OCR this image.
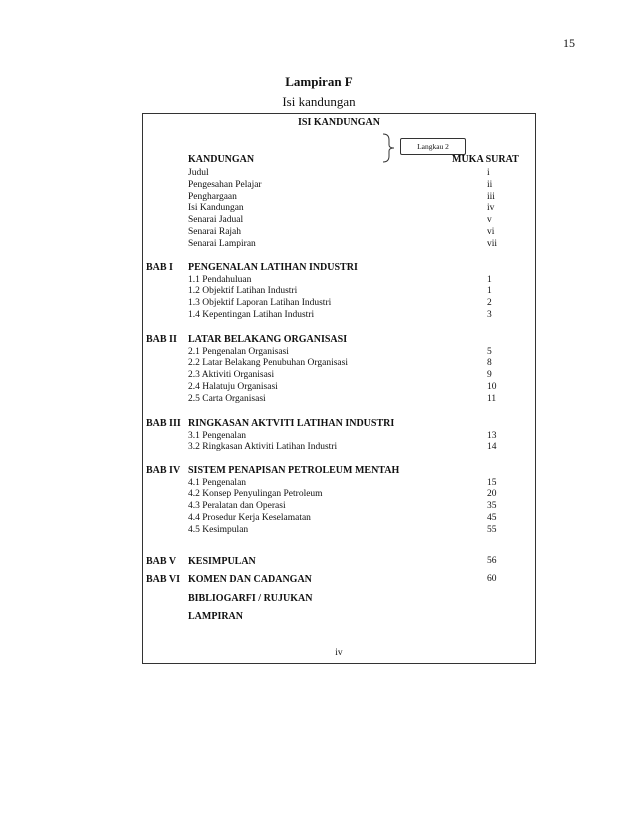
15
Lampiran F
Isi kandungan
ISI KANDUNGAN
Langkau 2
KANDUNGAN	MUKA SURAT
Judul	i
Pengesahan Pelajar	ii
Penghargaan	iii
Isi Kandungan	iv
Senarai Jadual	v
Senarai Rajah	vi
Senarai Lampiran	vii
BAB I PENGENALAN LATIHAN INDUSTRI
1.1 Pendahuluan	1
1.2 Objektif Latihan Industri	1
1.3 Objektif Laporan Latihan Industri	2
1.4 Kepentingan Latihan Industri	3
BAB II LATAR BELAKANG ORGANISASI
2.1 Pengenalan Organisasi	5
2.2 Latar Belakang Penubuhan Organisasi	8
2.3 Aktiviti Organisasi	9
2.4 Halatuju Organisasi	10
2.5 Carta Organisasi	11
BAB III RINGKASAN AKTVITI LATIHAN INDUSTRI
3.1 Pengenalan	13
3.2 Ringkasan Aktiviti Latihan Industri	14
BAB IV SISTEM PENAPISAN PETROLEUM MENTAH
4.1 Pengenalan	15
4.2 Konsep Penyulingan Petroleum	20
4.3 Peralatan dan Operasi	35
4.4 Prosedur Kerja Keselamatan	45
4.5 Kesimpulan	55
BAB V KESIMPULAN	56
BAB VI KOMEN DAN CADANGAN	60
BIBLIOGARFI / RUJUKAN
LAMPIRAN
iv
